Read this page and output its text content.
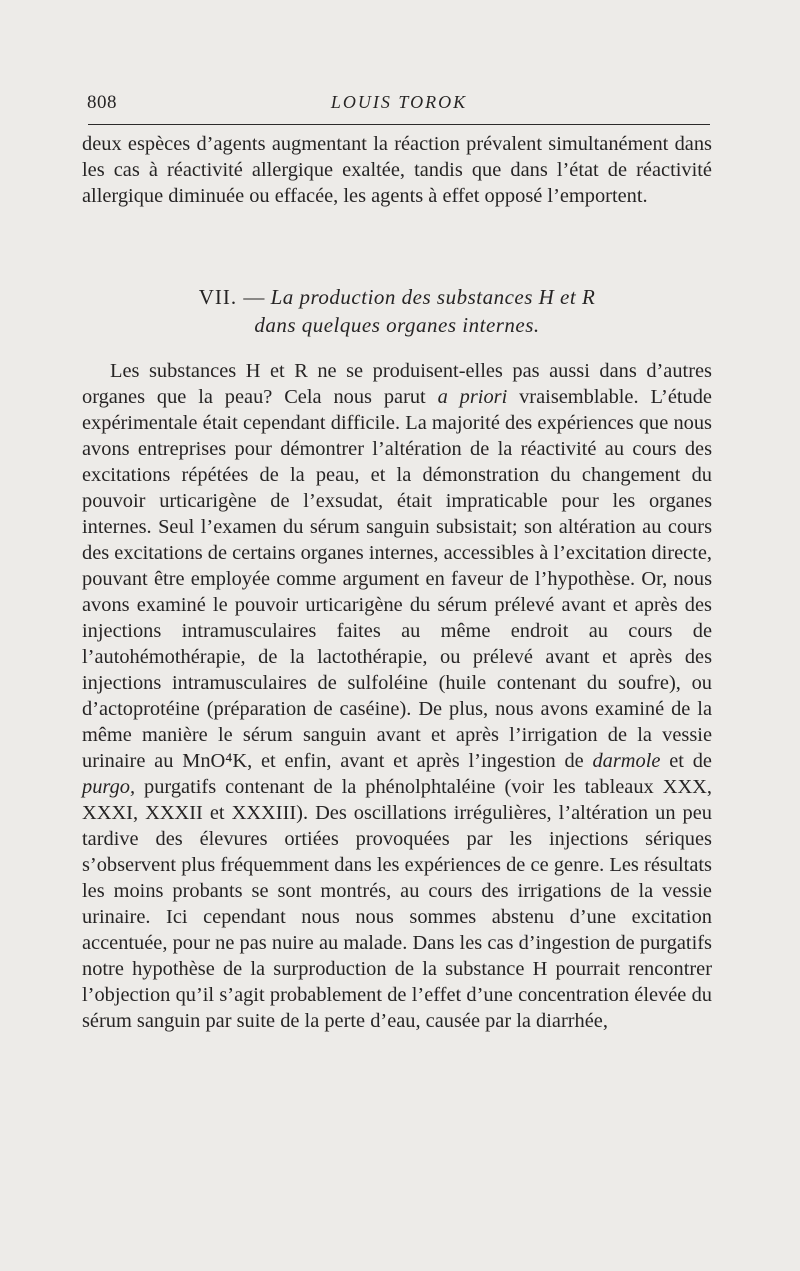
808	LOUIS TOROK

deux espèces d’agents augmentant la réaction prévalent simultanément dans les cas à réactivité allergique exaltée, tandis que dans l’état de réactivité allergique diminuée ou effacée, les agents à effet opposé l’emportent.

VII. — La production des substances H et R
dans quelques organes internes.

Les substances H et R ne se produisent-elles pas aussi dans d’autres organes que la peau? Cela nous parut a priori vraisemblable. L’étude expérimentale était cependant difficile. La majorité des expériences que nous avons entreprises pour démontrer l’altération de la réactivité au cours des excitations répétées de la peau, et la démonstration du changement du pouvoir urticarigène de l’exsudat, était impraticable pour les organes internes. Seul l’examen du sérum sanguin subsistait; son altération au cours des excitations de certains organes internes, accessibles à l’excitation directe, pouvant être employée comme argument en faveur de l’hypothèse. Or, nous avons examiné le pouvoir urticarigène du sérum prélevé avant et après des injections intramusculaires faites au même endroit au cours de l’autohémothérapie, de la lactothérapie, ou prélevé avant et après des injections intramusculaires de sulfoléine (huile contenant du soufre), ou d’actoprotéine (préparation de caséine). De plus, nous avons examiné de la même manière le sérum sanguin avant et après l’irrigation de la vessie urinaire au MnO⁴K, et enfin, avant et après l’ingestion de darmole et de purgo, purgatifs contenant de la phénolphtaléine (voir les tableaux XXX, XXXI, XXXII et XXXIII). Des oscillations irrégulières, l’altération un peu tardive des élevures ortiées provoquées par les injections sériques s’observent plus fréquemment dans les expériences de ce genre. Les résultats les moins probants se sont montrés, au cours des irrigations de la vessie urinaire. Ici cependant nous nous sommes abstenu d’une excitation accentuée, pour ne pas nuire au malade. Dans les cas d’ingestion de purgatifs notre hypothèse de la surproduction de la substance H pourrait rencontrer l’objection qu’il s’agit probablement de l’effet d’une concentration élevée du sérum sanguin par suite de la perte d’eau, causée par la diarrhée,
